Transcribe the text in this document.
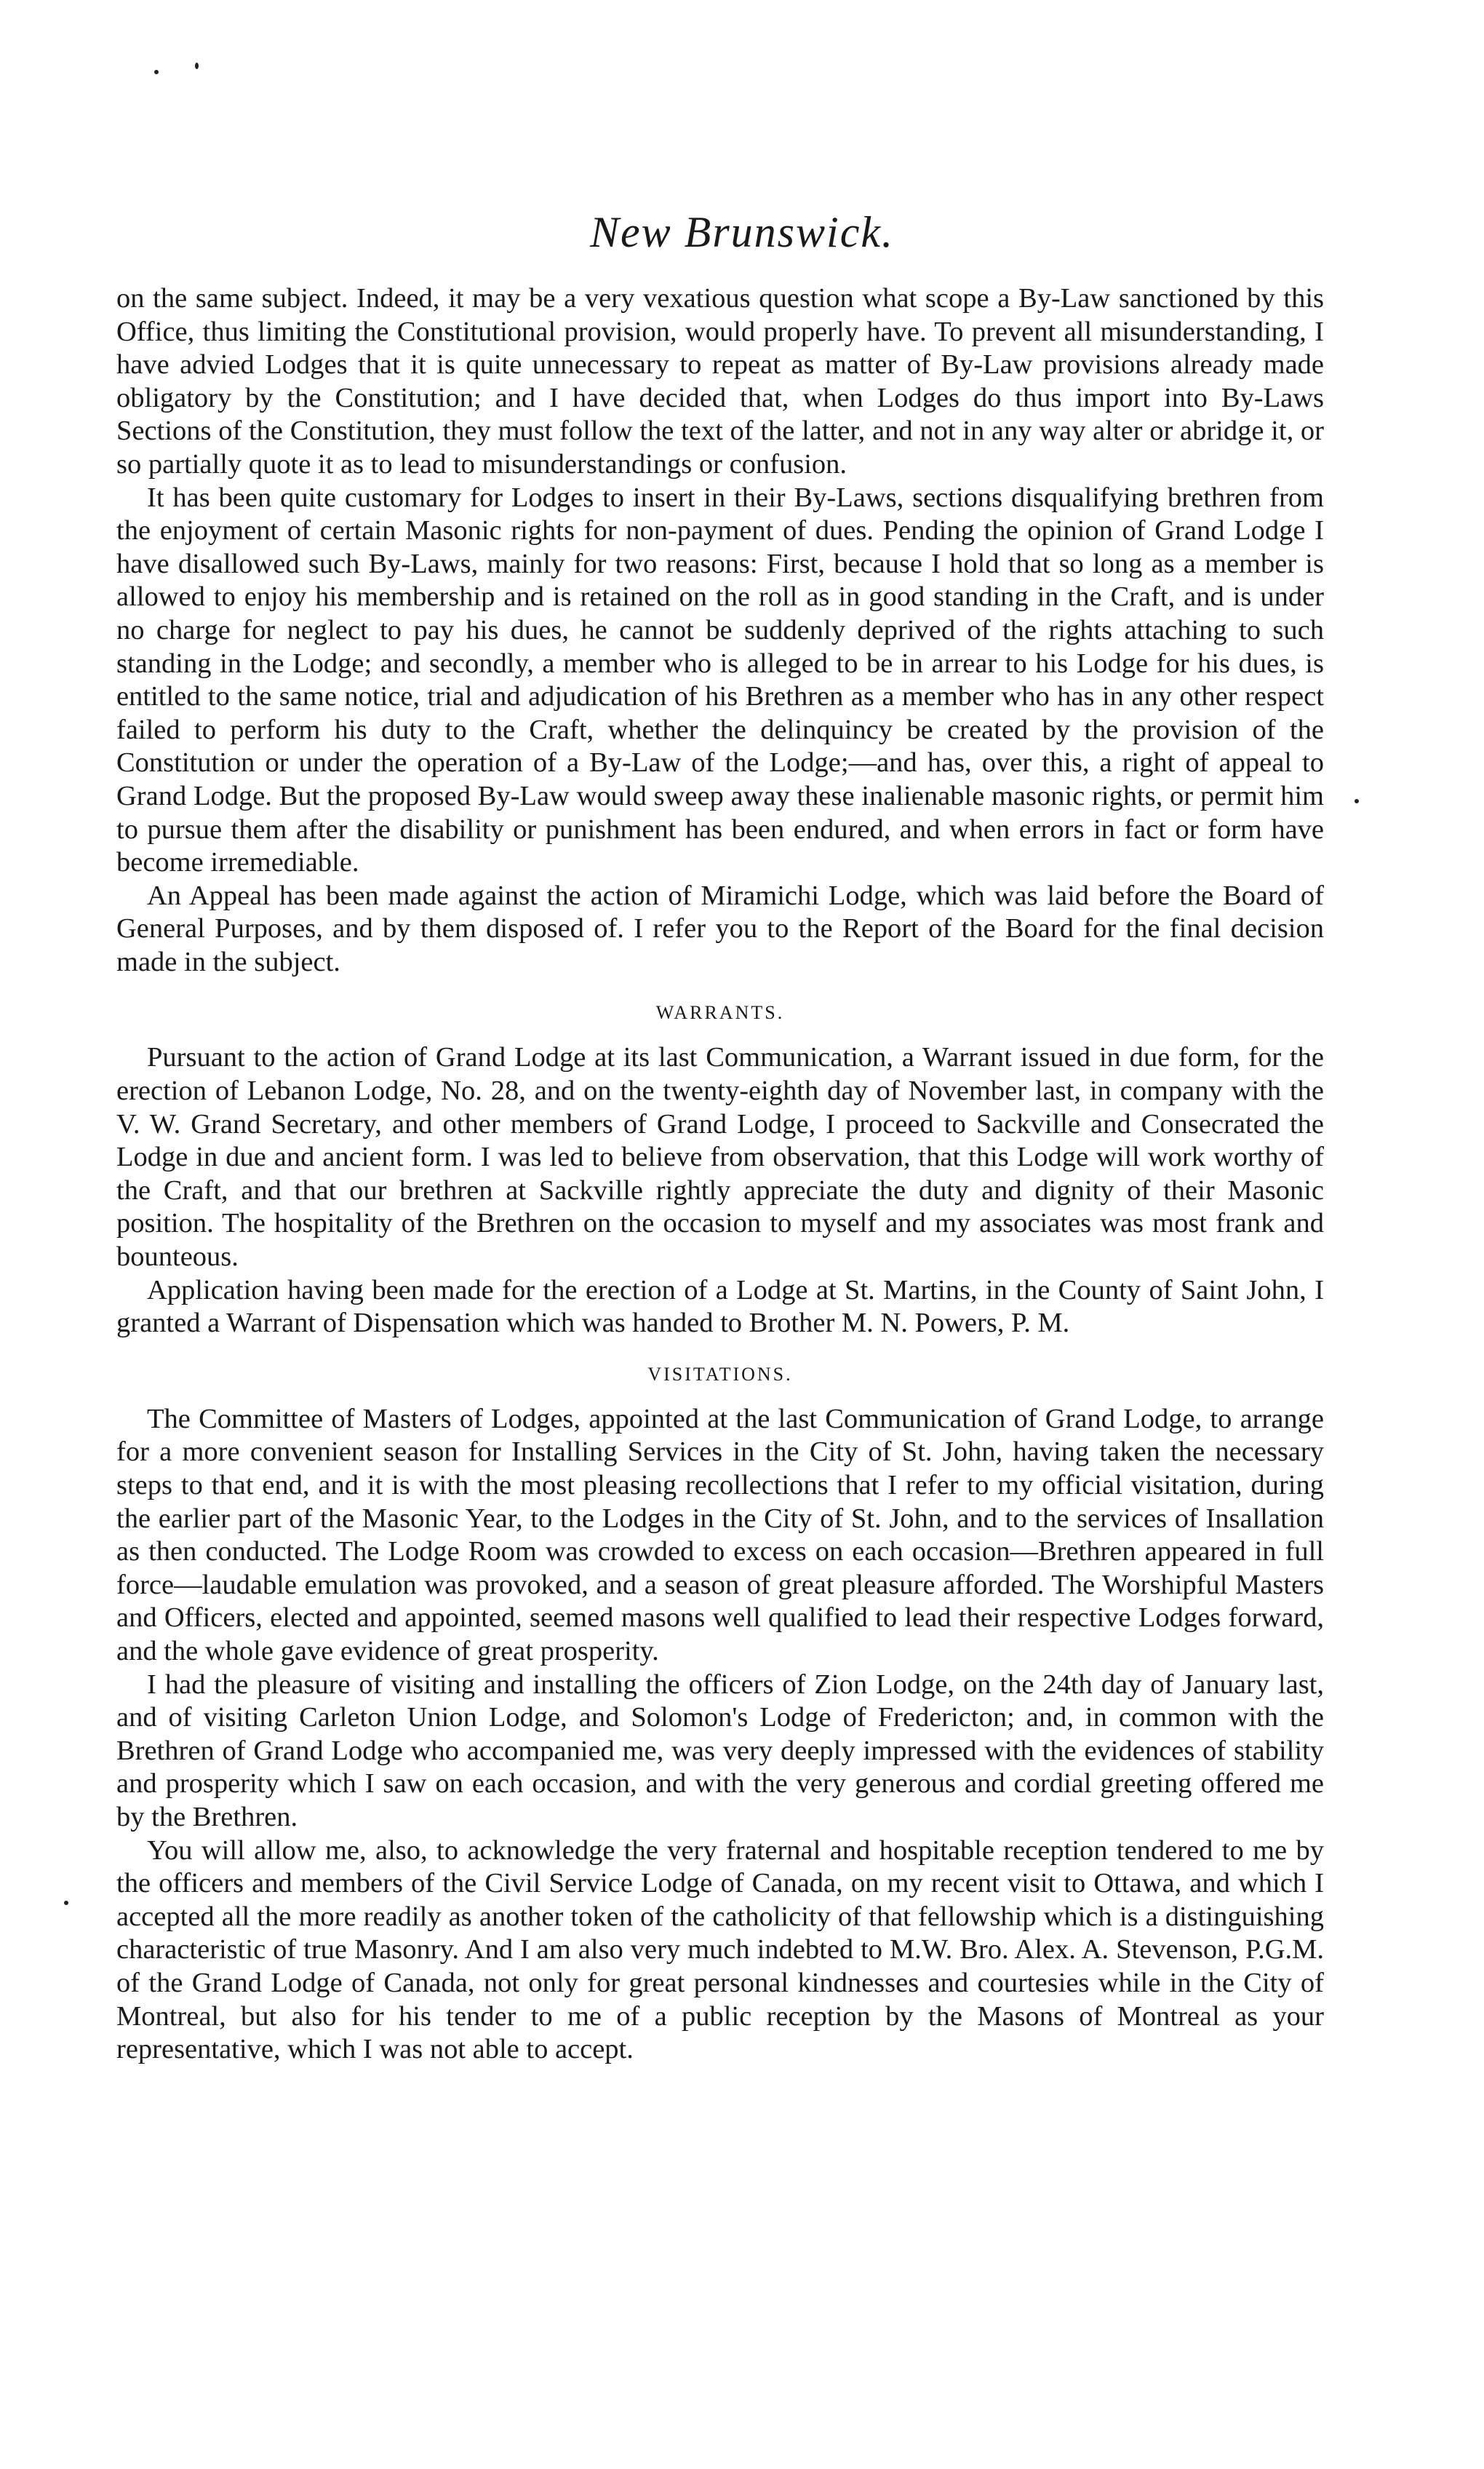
New Brunswick.

on the same subject. Indeed, it may be a very vexatious question what scope a By-Law sanctioned by this Office, thus limiting the Constitutional provision, would properly have. To prevent all misunderstanding, I have advied Lodges that it is quite unnecessary to repeat as matter of By-Law provisions already made obligatory by the Constitution; and I have decided that, when Lodges do thus import into By-Laws Sections of the Constitution, they must follow the text of the latter, and not in any way alter or abridge it, or so partially quote it as to lead to misunderstandings or confusion.

It has been quite customary for Lodges to insert in their By-Laws, sections disqualifying brethren from the enjoyment of certain Masonic rights for non-payment of dues. Pending the opinion of Grand Lodge I have disallowed such By-Laws, mainly for two reasons: First, because I hold that so long as a member is allowed to enjoy his membership and is retained on the roll as in good standing in the Craft, and is under no charge for neglect to pay his dues, he cannot be suddenly deprived of the rights attaching to such standing in the Lodge; and secondly, a member who is alleged to be in arrear to his Lodge for his dues, is entitled to the same notice, trial and adjudication of his Brethren as a member who has in any other respect failed to perform his duty to the Craft, whether the delinquincy be created by the provision of the Constitution or under the operation of a By-Law of the Lodge;—and has, over this, a right of appeal to Grand Lodge. But the proposed By-Law would sweep away these inalienable masonic rights, or permit him to pursue them after the disability or punishment has been endured, and when errors in fact or form have become irremediable.

An Appeal has been made against the action of Miramichi Lodge, which was laid before the Board of General Purposes, and by them disposed of. I refer you to the Report of the Board for the final decision made in the subject.

WARRANTS.

Pursuant to the action of Grand Lodge at its last Communication, a Warrant issued in due form, for the erection of Lebanon Lodge, No. 28, and on the twenty-eighth day of November last, in company with the V. W. Grand Secretary, and other members of Grand Lodge, I proceed to Sackville and Consecrated the Lodge in due and ancient form. I was led to believe from observation, that this Lodge will work worthy of the Craft, and that our brethren at Sackville rightly appreciate the duty and dignity of their Masonic position. The hospitality of the Brethren on the occasion to myself and my associates was most frank and bounteous.

Application having been made for the erection of a Lodge at St. Martins, in the County of Saint John, I granted a Warrant of Dispensation which was handed to Brother M. N. Powers, P. M.

VISITATIONS.

The Committee of Masters of Lodges, appointed at the last Communication of Grand Lodge, to arrange for a more convenient season for Installing Services in the City of St. John, having taken the necessary steps to that end, and it is with the most pleasing recollections that I refer to my official visitation, during the earlier part of the Masonic Year, to the Lodges in the City of St. John, and to the services of Insallation as then conducted. The Lodge Room was crowded to excess on each occasion—Brethren appeared in full force—laudable emulation was provoked, and a season of great pleasure afforded. The Worshipful Masters and Officers, elected and appointed, seemed masons well qualified to lead their respective Lodges forward, and the whole gave evidence of great prosperity.

I had the pleasure of visiting and installing the officers of Zion Lodge, on the 24th day of January last, and of visiting Carleton Union Lodge, and Solomon's Lodge of Fredericton; and, in common with the Brethren of Grand Lodge who accompanied me, was very deeply impressed with the evidences of stability and prosperity which I saw on each occasion, and with the very generous and cordial greeting offered me by the Brethren.

You will allow me, also, to acknowledge the very fraternal and hospitable reception tendered to me by the officers and members of the Civil Service Lodge of Canada, on my recent visit to Ottawa, and which I accepted all the more readily as another token of the catholicity of that fellowship which is a distinguishing characteristic of true Masonry. And I am also very much indebted to M.W. Bro. Alex. A. Stevenson, P.G.M. of the Grand Lodge of Canada, not only for great personal kindnesses and courtesies while in the City of Montreal, but also for his tender to me of a public reception by the Masons of Montreal as your representative, which I was not able to accept.
